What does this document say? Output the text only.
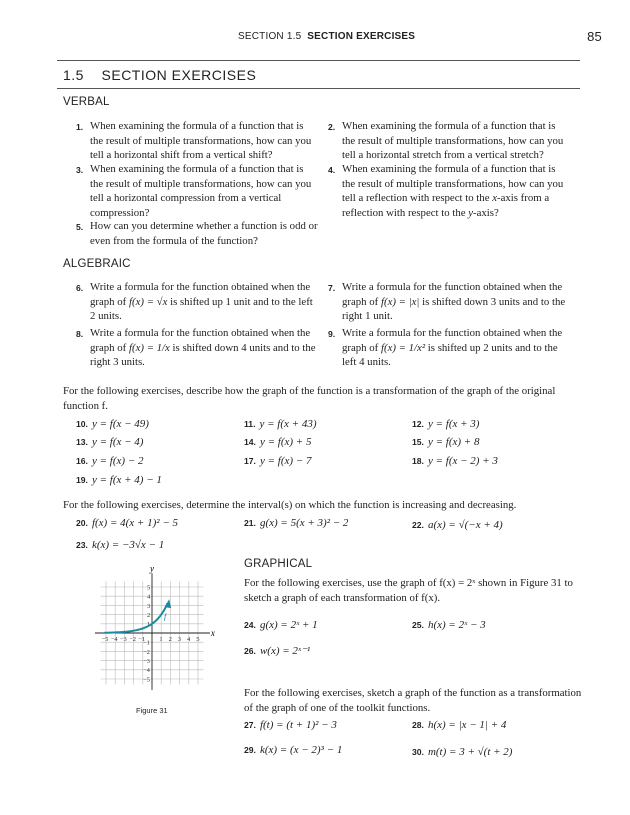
SECTION 1.5 SECTION EXERCISES	85
1.5    SECTION EXERCISES
VERBAL
1. When examining the formula of a function that is the result of multiple transformations, how can you tell a horizontal shift from a vertical shift?
2. When examining the formula of a function that is the result of multiple transformations, how can you tell a horizontal stretch from a vertical stretch?
3. When examining the formula of a function that is the result of multiple transformations, how can you tell a horizontal compression from a vertical compression?
4. When examining the formula of a function that is the result of multiple transformations, how can you tell a reflection with respect to the x-axis from a reflection with respect to the y-axis?
5. How can you determine whether a function is odd or even from the formula of the function?
ALGEBRAIC
6. Write a formula for the function obtained when the graph of f(x) = √x is shifted up 1 unit and to the left 2 units.
7. Write a formula for the function obtained when the graph of f(x) = |x| is shifted down 3 units and to the right 1 unit.
8. Write a formula for the function obtained when the graph of f(x) = 1/x is shifted down 4 units and to the right 3 units.
9. Write a formula for the function obtained when the graph of f(x) = 1/x² is shifted up 2 units and to the left 4 units.
For the following exercises, describe how the graph of the function is a transformation of the graph of the original function f.
10. y = f(x − 49)	11. y = f(x + 43)	12. y = f(x + 3)
13. y = f(x − 4)	14. y = f(x) + 5	15. y = f(x) + 8
16. y = f(x) − 2	17. y = f(x) − 7	18. y = f(x − 2) + 3
19. y = f(x + 4) − 1
For the following exercises, determine the interval(s) on which the function is increasing and decreasing.
20. f(x) = 4(x + 1)² − 5	21. g(x) = 5(x + 3)² − 2	22. a(x) = √(−x + 4)
23. k(x) = −3√x − 1
−5 −4 −3 −2 −1 1 2 3 4 5
5
4
3
2
1
−1
−2
−3
−4
−5
f
x
y
Figure 31
GRAPHICAL
For the following exercises, use the graph of f(x) = 2ˣ shown in Figure 31 to sketch a graph of each transformation of f(x).
24. g(x) = 2ˣ + 1	25. h(x) = 2ˣ − 3
26. w(x) = 2ˣ⁻¹
For the following exercises, sketch a graph of the function as a transformation of the graph of one of the toolkit functions.
27. f(t) = (t + 1)² − 3	28. h(x) = |x − 1| + 4
29. k(x) = (x − 2)³ − 1	30. m(t) = 3 + √(t + 2)
